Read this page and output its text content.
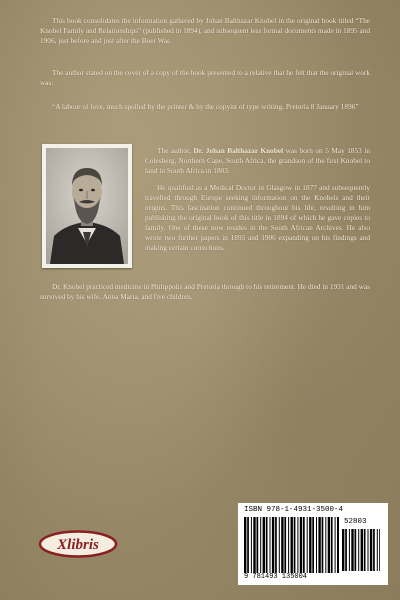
This book consolidates the information gathered by Johan Balthazar Knobel in the original book titled “The Knobel Family and Relationships” (published in 1894), and subsequent less formal documents made in 1895 and 1906, just before and just after the Boer War.

The author stated on the cover of a copy of the book presented to a relative that he felt that the original work was:

“A labour of love, much spoiled by the printer & by the copyist of type writing, Pretoria 8 January 1896”

The author, Dr. Johan Balthazar Knobel was born on 5 May 1853 in Colesberg, Northern Cape, South Africa, the grandson of the first Knobel to land in South Africa in 1803.

He qualified as a Medical Doctor in Glasgow in 1877 and subsequently travelled through Europe seeking information on the Knobels and their origins. This fascination continued throughout his life, resulting in him publishing the original book of this title in 1894 of which he gave copies to family. One of these now resides in the South African Archives. He also wrote two further papers in 1895 and 1906 expanding on his findings and making certain corrections.

Dr. Knobel practiced medicine in Philippolis and Pretoria through to his retirement. He died in 1931 and was survived by his wife, Anna Maria, and five children.

Xlibris
ISBN 978-1-4931-3500-4
52803
9 781493 135004
